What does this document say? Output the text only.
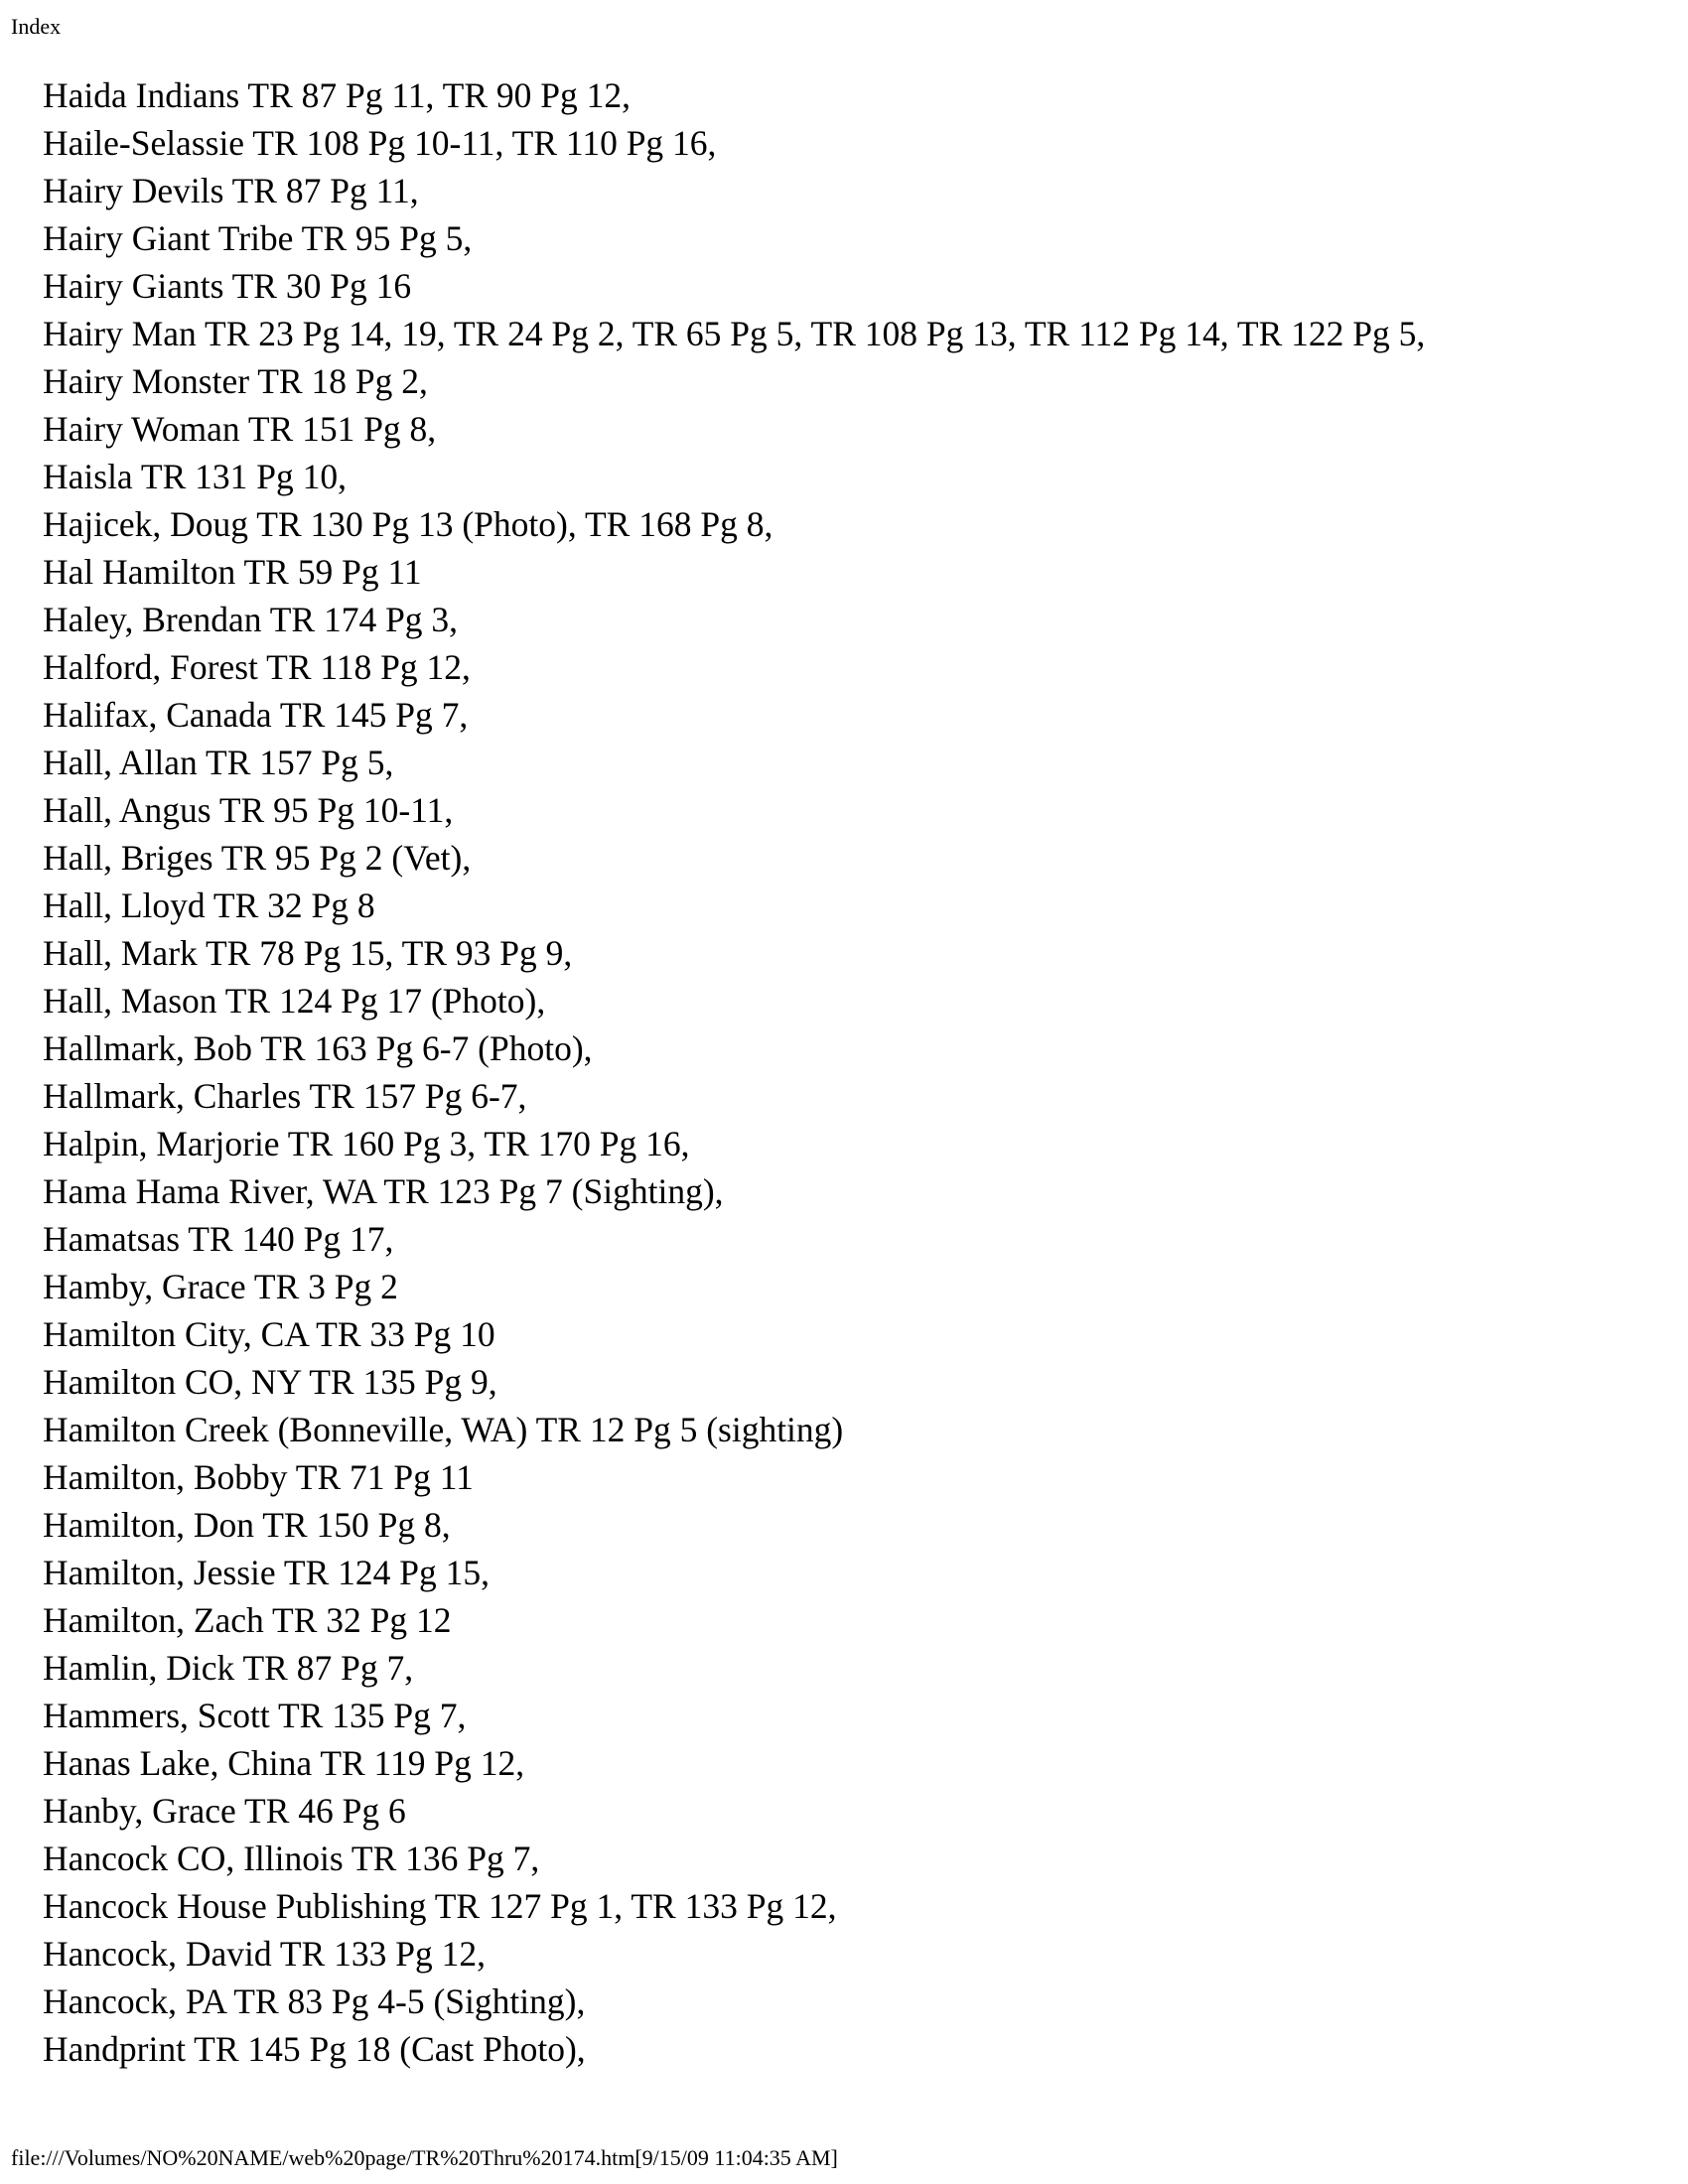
Index
Haida Indians TR 87 Pg 11, TR 90 Pg 12,
Haile-Selassie TR 108 Pg 10-11, TR 110 Pg 16,
Hairy Devils TR 87 Pg 11,
Hairy Giant Tribe TR 95 Pg 5,
Hairy Giants TR 30 Pg 16
Hairy Man TR 23 Pg 14, 19, TR 24 Pg 2, TR 65 Pg 5, TR 108 Pg 13, TR 112 Pg 14, TR 122 Pg 5,
Hairy Monster TR 18 Pg 2,
Hairy Woman TR 151 Pg 8,
Haisla TR 131 Pg 10,
Hajicek, Doug TR 130 Pg 13 (Photo), TR 168 Pg 8,
Hal Hamilton TR 59 Pg 11
Haley, Brendan TR 174 Pg 3,
Halford, Forest TR 118 Pg 12,
Halifax, Canada TR 145 Pg 7,
Hall, Allan TR 157 Pg 5,
Hall, Angus TR 95 Pg 10-11,
Hall, Briges TR 95 Pg 2 (Vet),
Hall, Lloyd TR 32 Pg 8
Hall, Mark TR 78 Pg 15, TR 93 Pg 9,
Hall, Mason TR 124 Pg 17 (Photo),
Hallmark, Bob TR 163 Pg 6-7 (Photo),
Hallmark, Charles TR 157 Pg 6-7,
Halpin, Marjorie TR 160 Pg 3, TR 170 Pg 16,
Hama Hama River, WA TR 123 Pg 7 (Sighting),
Hamatsas TR 140 Pg 17,
Hamby, Grace TR 3 Pg 2
Hamilton City, CA TR 33 Pg 10
Hamilton CO, NY TR 135 Pg 9,
Hamilton Creek (Bonneville, WA) TR 12 Pg 5 (sighting)
Hamilton, Bobby TR 71 Pg 11
Hamilton, Don TR 150 Pg 8,
Hamilton, Jessie TR 124 Pg 15,
Hamilton, Zach TR 32 Pg 12
Hamlin, Dick TR 87 Pg 7,
Hammers, Scott TR 135 Pg 7,
Hanas Lake, China TR 119 Pg 12,
Hanby, Grace TR 46 Pg 6
Hancock CO, Illinois TR 136 Pg 7,
Hancock House Publishing TR 127 Pg 1, TR 133 Pg 12,
Hancock, David TR 133 Pg 12,
Hancock, PA TR 83 Pg 4-5 (Sighting),
Handprint TR 145 Pg 18 (Cast Photo),
file:///Volumes/NO%20NAME/web%20page/TR%20Thru%20174.htm[9/15/09 11:04:35 AM]
